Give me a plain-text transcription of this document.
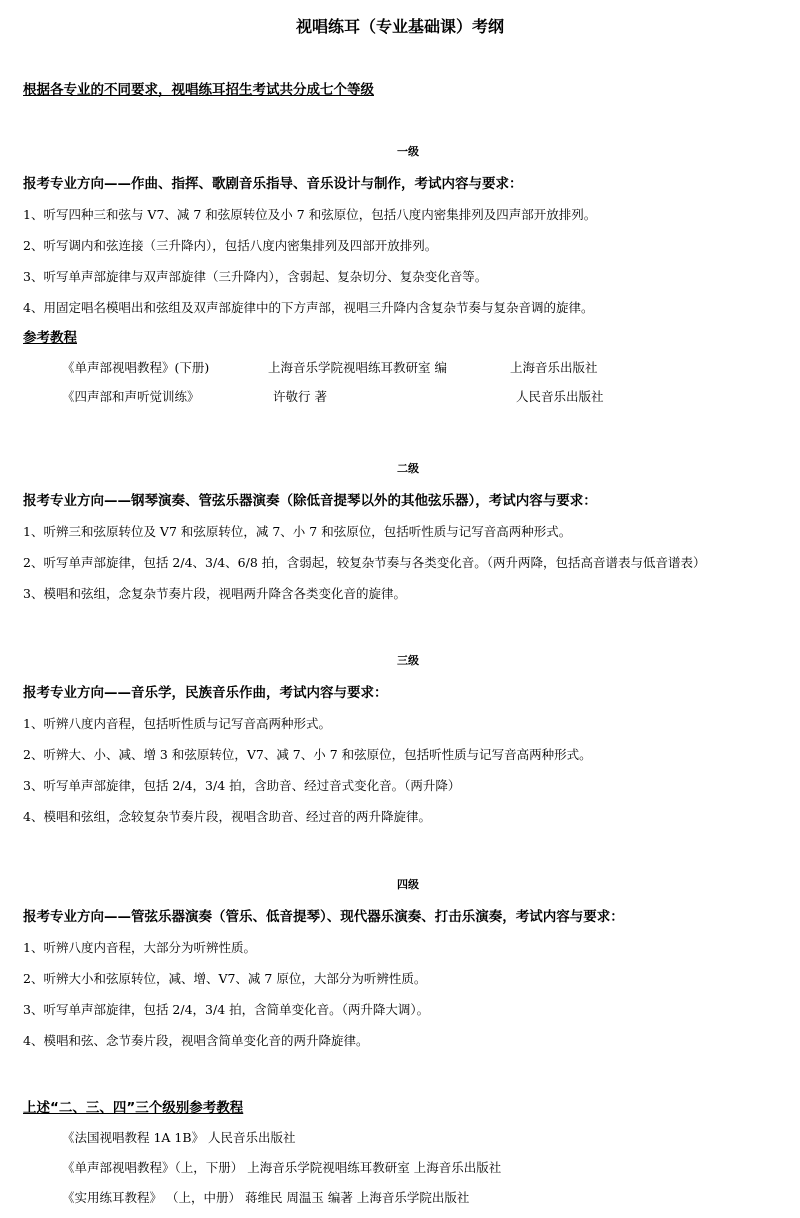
视唱练耳（专业基础课）考纲
根据各专业的不同要求，视唱练耳招生考试共分成七个等级
一级
报考专业方向——作曲、指挥、歌剧音乐指导、音乐设计与制作，考试内容与要求：
1、听写四种三和弦与 V7、减 7 和弦原转位及小 7 和弦原位，包括八度内密集排列及四声部开放排列。
2、听写调内和弦连接（三升降内），包括八度内密集排列及四部开放排列。
3、听写单声部旋律与双声部旋律（三升降内），含弱起、复杂切分、复杂变化音等。
4、用固定唱名模唱出和弦组及双声部旋律中的下方声部，视唱三升降内含复杂节奏与复杂音调的旋律。
参考教程
《单声部视唱教程》(下册)	上海音乐学院视唱练耳教研室 编	上海音乐出版社
《四声部和声听觉训练》	许敬行 著	人民音乐出版社
二级
报考专业方向——钢琴演奏、管弦乐器演奏（除低音提琴以外的其他弦乐器），考试内容与要求：
1、听辨三和弦原转位及 V7 和弦原转位，减 7、小 7 和弦原位，包括听性质与记写音高两种形式。
2、听写单声部旋律，包括 2/4、3/4、6/8 拍，含弱起，较复杂节奏与各类变化音。（两升两降，包括高音谱表与低音谱表）
3、模唱和弦组，念复杂节奏片段，视唱两升降含各类变化音的旋律。
三级
报考专业方向——音乐学，民族音乐作曲，考试内容与要求：
1、听辨八度内音程，包括听性质与记写音高两种形式。
2、听辨大、小、减、增 3 和弦原转位，V7、减 7、小 7 和弦原位，包括听性质与记写音高两种形式。
3、听写单声部旋律，包括 2/4，3/4 拍，含助音、经过音式变化音。（两升降）
4、模唱和弦组，念较复杂节奏片段，视唱含助音、经过音的两升降旋律。
四级
报考专业方向——管弦乐器演奏（管乐、低音提琴）、现代器乐演奏、打击乐演奏，考试内容与要求：
1、听辨八度内音程，大部分为听辨性质。
2、听辨大小和弦原转位，减、增、V7、减 7 原位，大部分为听辨性质。
3、听写单声部旋律，包括 2/4，3/4 拍，含简单变化音。（两升降大调）。
4、模唱和弦、念节奏片段，视唱含简单变化音的两升降旋律。
上述“二、三、四”三个级别参考教程
《法国视唱教程 1A 1B》 人民音乐出版社
《单声部视唱教程》（上，下册） 上海音乐学院视唱练耳教研室 上海音乐出版社
《实用练耳教程》 （上，中册） 蒋维民 周温玉 编著 上海音乐学院出版社
